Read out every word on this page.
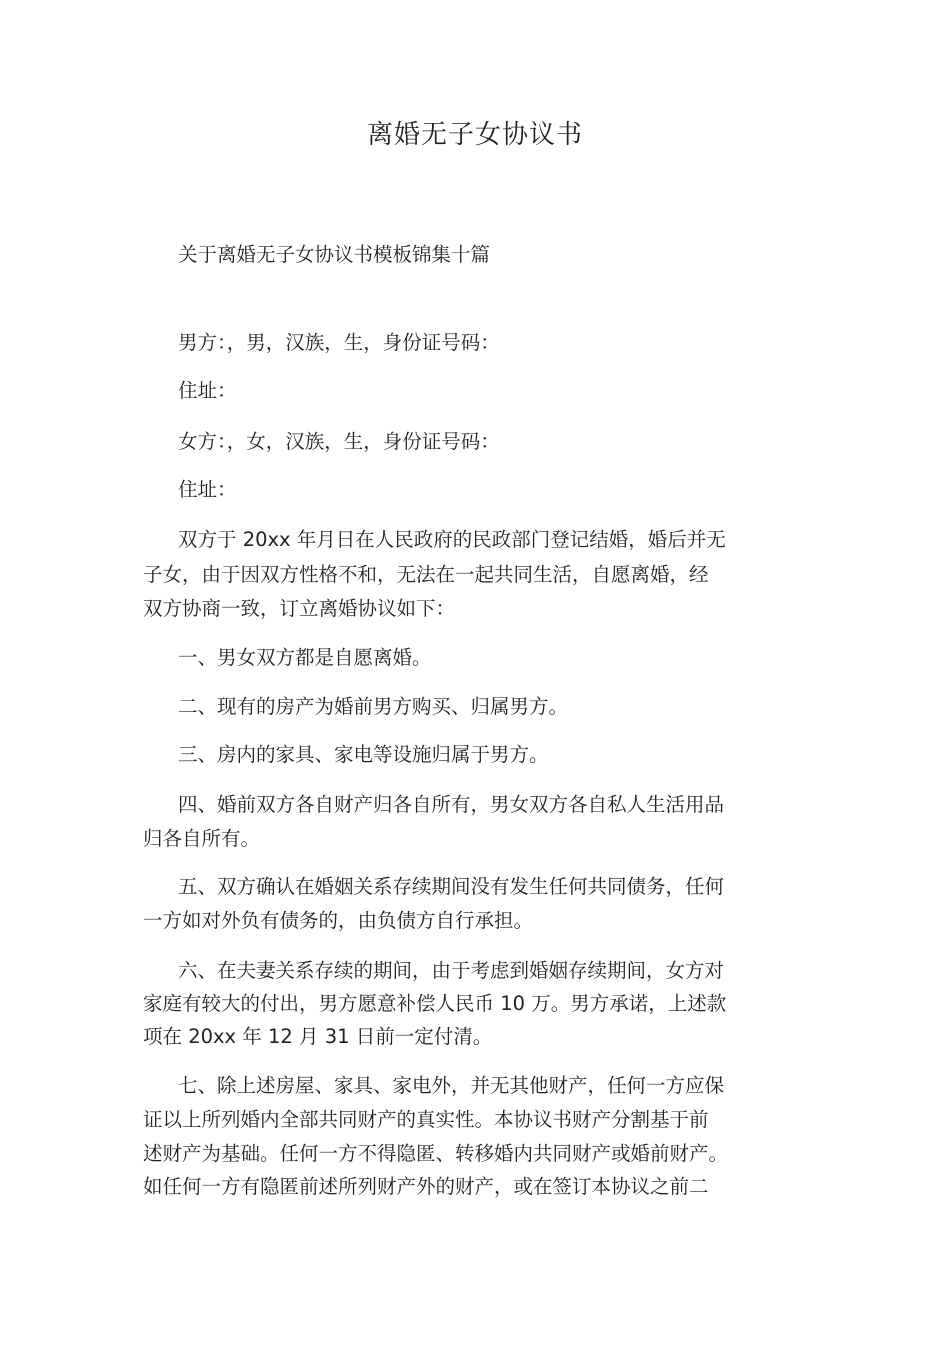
离婚无子女协议书
关于离婚无子女协议书模板锦集十篇
男方：，男，汉族，生，身份证号码：
住址：
女方：，女，汉族，生，身份证号码：
住址：
双方于 20xx 年月日在人民政府的民政部门登记结婚，婚后并无
子女，由于因双方性格不和，无法在一起共同生活，自愿离婚，经
双方协商一致，订立离婚协议如下：
一、男女双方都是自愿离婚。
二、现有的房产为婚前男方购买、归属男方。
三、房内的家具、家电等设施归属于男方。
四、婚前双方各自财产归各自所有，男女双方各自私人生活用品
归各自所有。
五、双方确认在婚姻关系存续期间没有发生任何共同债务，任何
一方如对外负有债务的，由负债方自行承担。
六、在夫妻关系存续的期间，由于考虑到婚姻存续期间，女方对
家庭有较大的付出，男方愿意补偿人民币 10 万。男方承诺，上述款
项在 20xx 年 12 月 31 日前一定付清。
七、除上述房屋、家具、家电外，并无其他财产，任何一方应保
证以上所列婚内全部共同财产的真实性。本协议书财产分割基于前
述财产为基础。任何一方不得隐匿、转移婚内共同财产或婚前财产。
如任何一方有隐匿前述所列财产外的财产，或在签订本协议之前二
